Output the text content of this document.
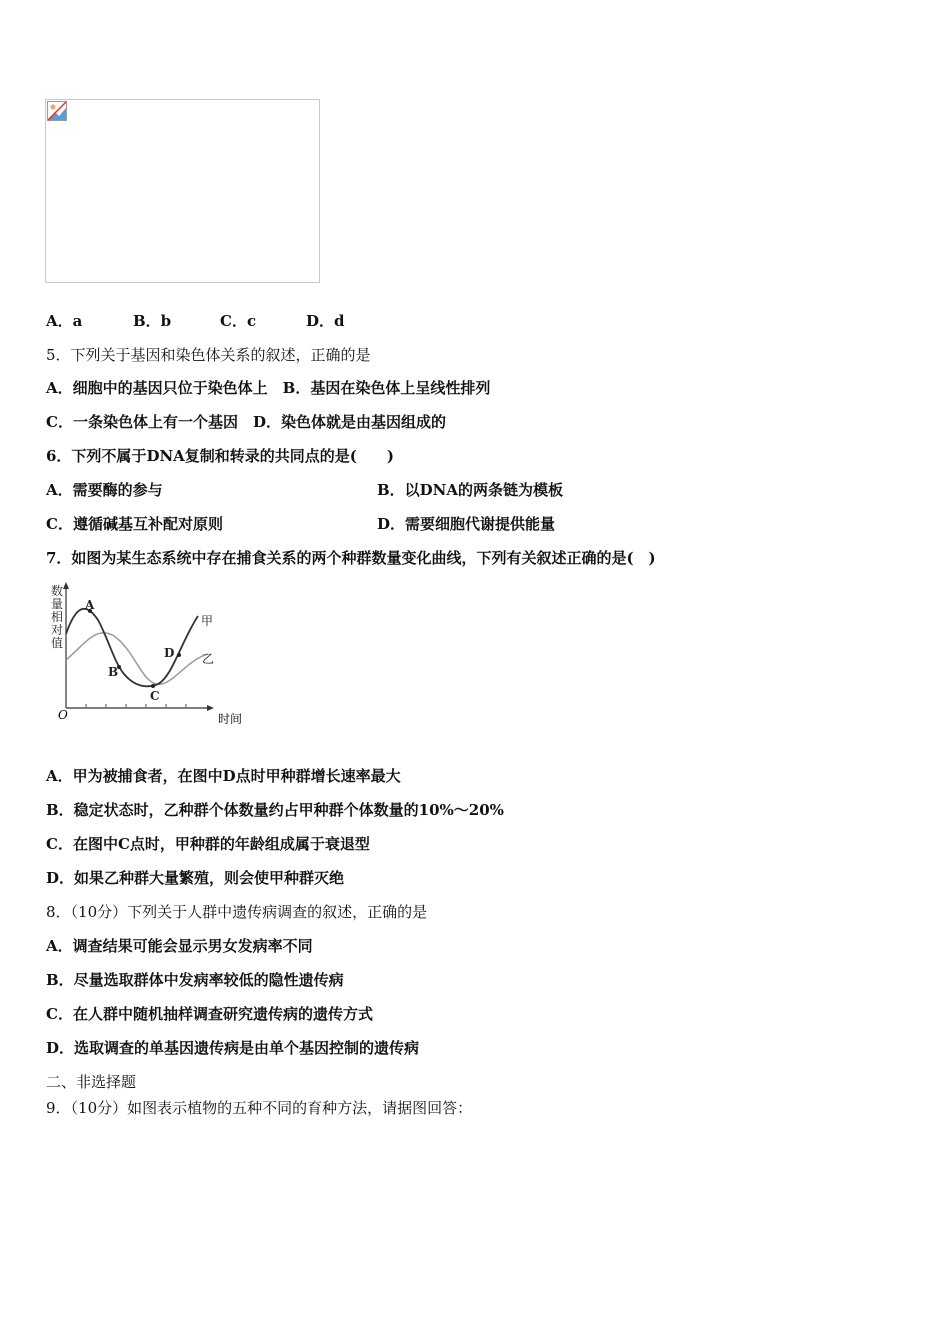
A．a	B．b	C．c	D．d
5．下列关于基因和染色体关系的叙述，正确的是
A．细胞中的基因只位于染色体上　 B．基因在染色体上呈线性排列
C．一条染色体上有一个基因　 D．染色体就是由基因组成的
6．下列不属于DNA复制和转录的共同点的是(　　)
A．需要酶的参与	B．以DNA的两条链为模板
C．遵循碱基互补配对原则	D．需要细胞代谢提供能量
7．如图为某生态系统中存在捕食关系的两个种群数量变化曲线，下列有关叙述正确的是(　)
数
量
相
对
值
O	时间
A
B
C
D
甲
乙
A．甲为被捕食者，在图中D点时甲种群增长速率最大
B．稳定状态时，乙种群个体数量约占甲种群个体数量的10%～20%
C．在图中C点时，甲种群的年龄组成属于衰退型
D．如果乙种群大量繁殖，则会使甲种群灭绝
8．（10分）下列关于人群中遗传病调查的叙述，正确的是
A．调查结果可能会显示男女发病率不同
B．尽量选取群体中发病率较低的隐性遗传病
C．在人群中随机抽样调查研究遗传病的遗传方式
D．选取调查的单基因遗传病是由单个基因控制的遗传病
二、非选择题
9．（10分）如图表示植物的五种不同的育种方法，请据图回答：
